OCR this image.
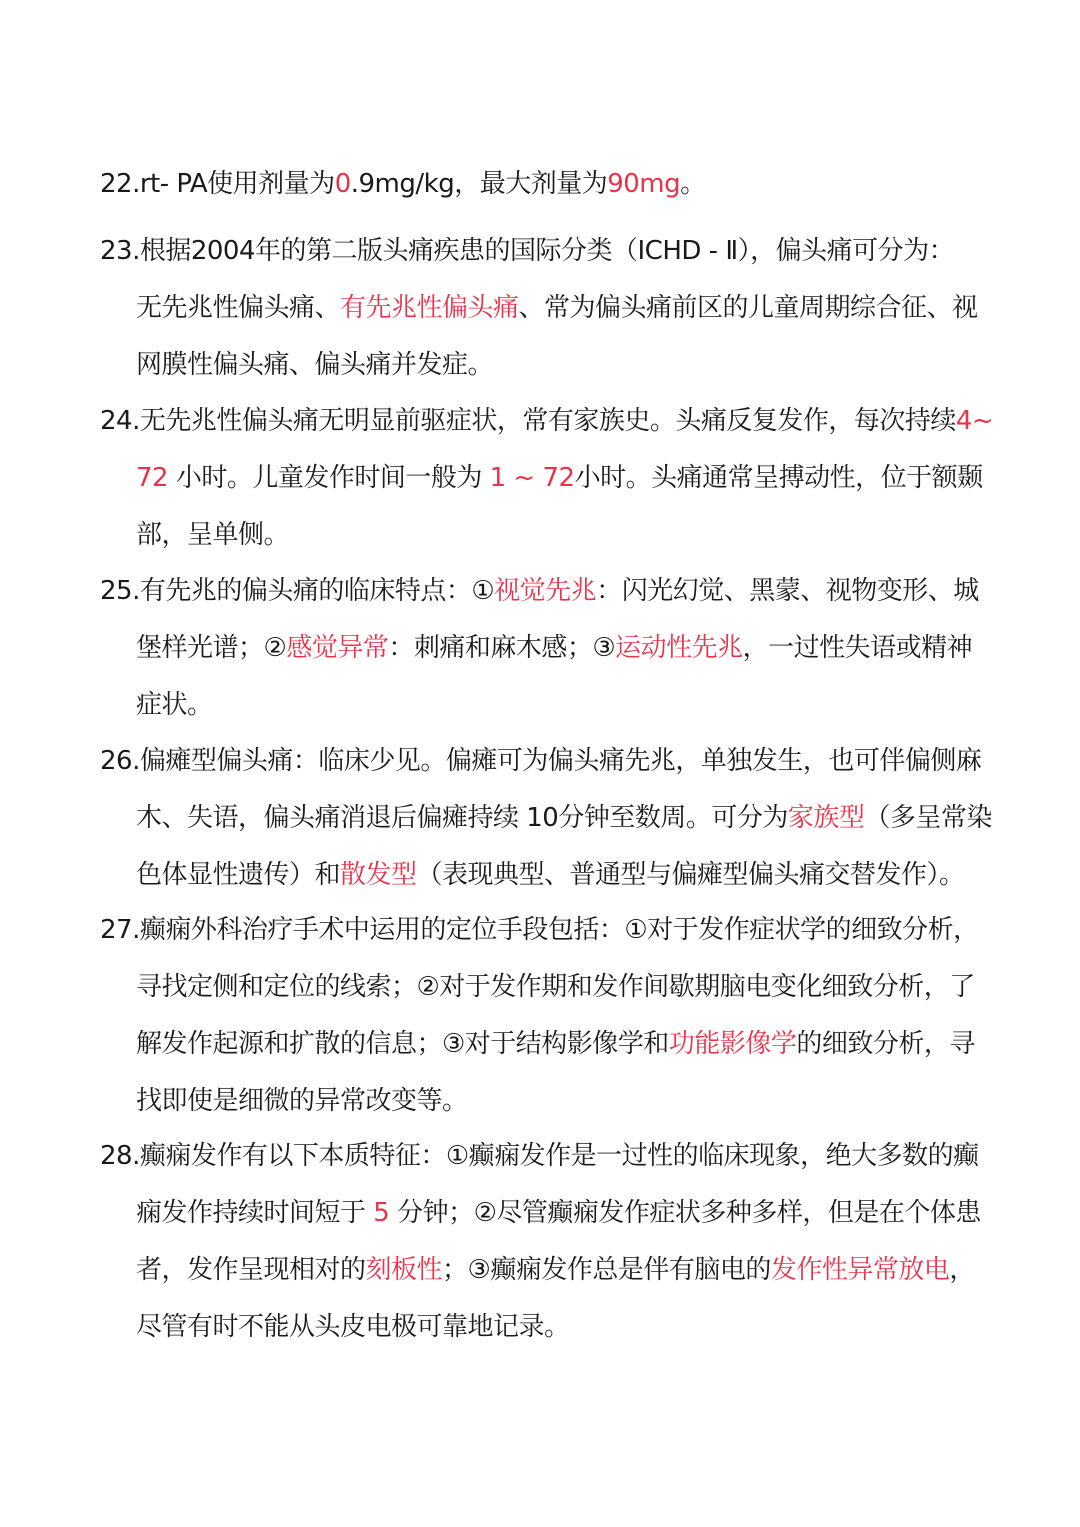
22.rt- PA使用剂量为0.9mg/kg，最大剂量为90mg。
23.根据2004年的第二版头痛疾患的国际分类（ICHD - Ⅱ），偏头痛可分为：
无先兆性偏头痛、有先兆性偏头痛、常为偏头痛前区的儿童周期综合征、视
网膜性偏头痛、偏头痛并发症。
24.无先兆性偏头痛无明显前驱症状，常有家族史。头痛反复发作，每次持续4~
72 小时。儿童发作时间一般为 1 ~ 72小时。头痛通常呈搏动性，位于额颞
部，呈单侧。
25.有先兆的偏头痛的临床特点：①视觉先兆：闪光幻觉、黑蒙、视物变形、城
堡样光谱；②感觉异常：刺痛和麻木感；③运动性先兆，一过性失语或精神
症状。
26.偏瘫型偏头痛：临床少见。偏瘫可为偏头痛先兆，单独发生，也可伴偏侧麻
木、失语，偏头痛消退后偏瘫持续 10分钟至数周。可分为家族型（多呈常染
色体显性遗传）和散发型（表现典型、普通型与偏瘫型偏头痛交替发作）。
27.癫痫外科治疗手术中运用的定位手段包括：①对于发作症状学的细致分析，
寻找定侧和定位的线索；②对于发作期和发作间歇期脑电变化细致分析，了
解发作起源和扩散的信息；③对于结构影像学和功能影像学的细致分析，寻
找即使是细微的异常改变等。
28.癫痫发作有以下本质特征：①癫痫发作是一过性的临床现象，绝大多数的癫
痫发作持续时间短于 5 分钟；②尽管癫痫发作症状多种多样，但是在个体患
者，发作呈现相对的刻板性；③癫痫发作总是伴有脑电的发作性异常放电，
尽管有时不能从头皮电极可靠地记录。
